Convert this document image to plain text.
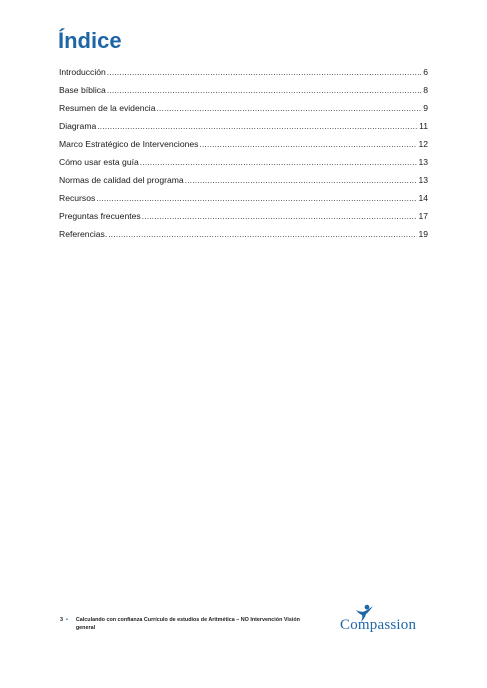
Índice
Introducción .....	6
Base bíblica .....	8
Resumen de la evidencia .....	9
Diagrama .....	11
Marco Estratégico de Intervenciones .....	12
Cómo usar esta guía .....	13
Normas de calidad del programa .....	13
Recursos .....	14
Preguntas frecuentes .....	17
Referencias. .....	19
3 • Calculando con confianza Currículo de estudios de Aritmética – NO Intervención Visión general	Compassion
